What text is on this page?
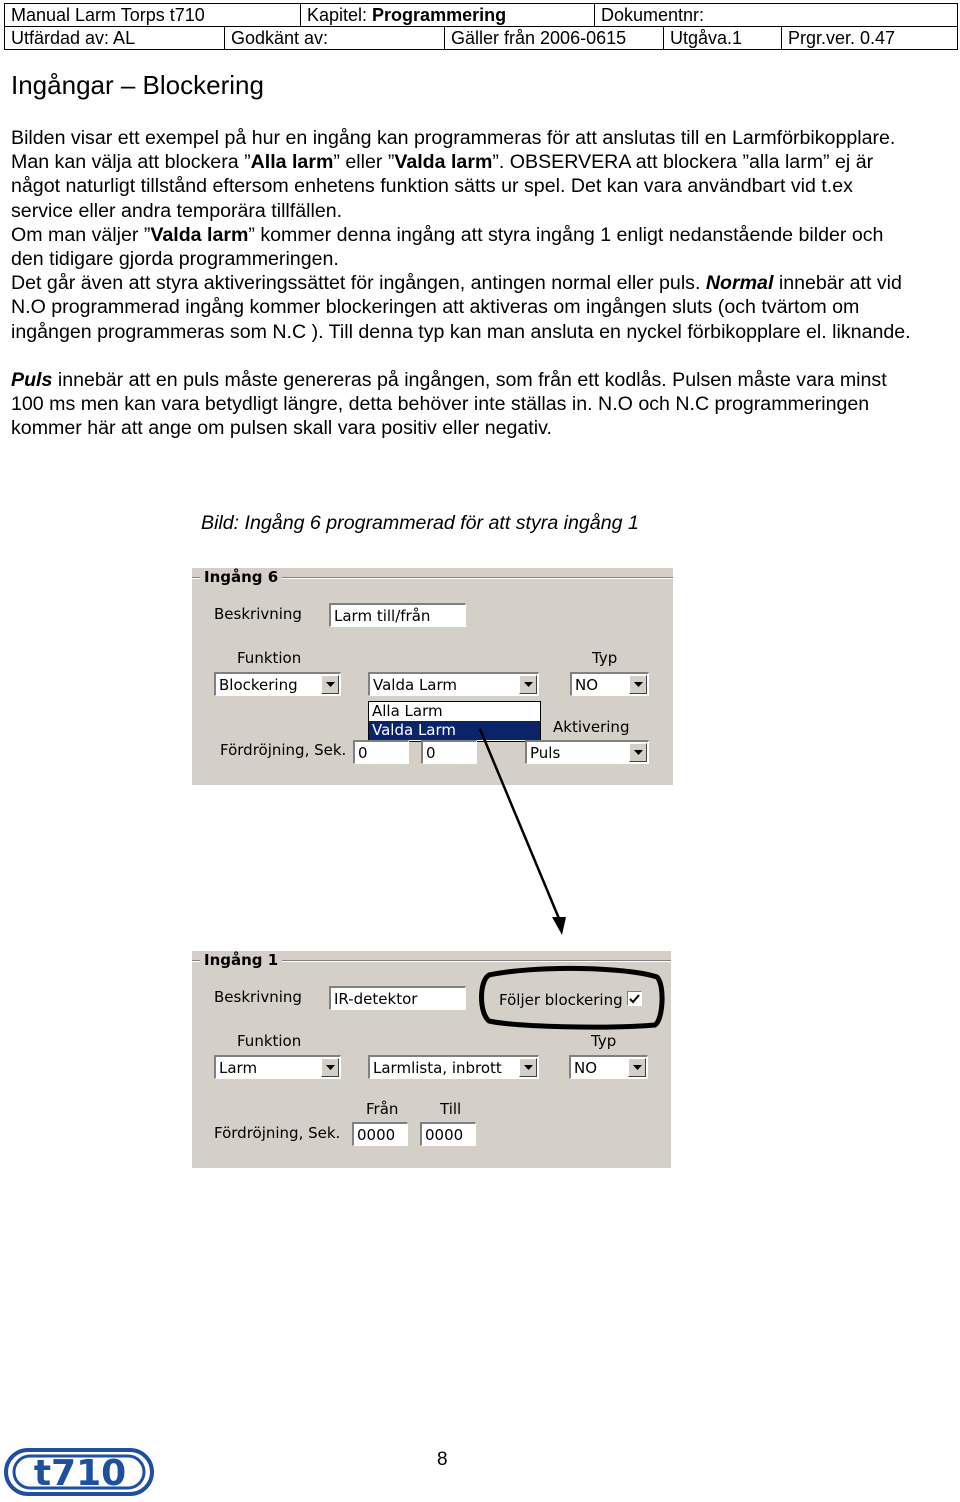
Manual Larm Torps t710	Kapitel: Programmering	Dokumentnr:
Utfärdad av: AL	Godkänt av:	Gäller från 2006-0615	Utgåva.1	Prgr.ver. 0.47
Ingångar – Blockering

Bilden visar ett exempel på hur en ingång kan programmeras för att anslutas till en Larmförbikopplare. Man kan välja att blockera ”Alla larm” eller ”Valda larm”. OBSERVERA att blockera ”alla larm” ej är något naturligt tillstånd eftersom enhetens funktion sätts ur spel. Det kan vara användbart vid t.ex service eller andra temporära tillfällen.

Om man väljer ”Valda larm” kommer denna ingång att styra ingång 1 enligt nedanstående bilder och den tidigare gjorda programmeringen.

Det går även att styra aktiveringssättet för ingången, antingen normal eller puls. Normal innebär att vid N.O programmerad ingång kommer blockeringen att aktiveras om ingången sluts (och tvärtom om ingången programmeras som N.C ). Till denna typ kan man ansluta en nyckel förbikopplare el. liknande.

Puls innebär att en puls måste genereras på ingången, som från ett kodlås. Pulsen måste vara minst 100 ms men kan vara betydligt längre, detta behöver inte ställas in. N.O och N.C programmeringen kommer här att ange om pulsen skall vara positiv eller negativ.

Bild: Ingång 6 programmerad för att styra ingång 1
Ingång 6
Beskrivning	Larm till/från
Funktion	Typ
Blockering	Valda Larm	NO
Alla Larm
Valda Larm	Aktivering
Fördröjning, Sek. 0	0	Puls
Ingång 1
Beskrivning	IR-detektor	Följer blockering
Funktion	Typ
Larm	Larmlista, inbrott	NO
Från	Till
Fördröjning, Sek.	0000	0000
8
t710
